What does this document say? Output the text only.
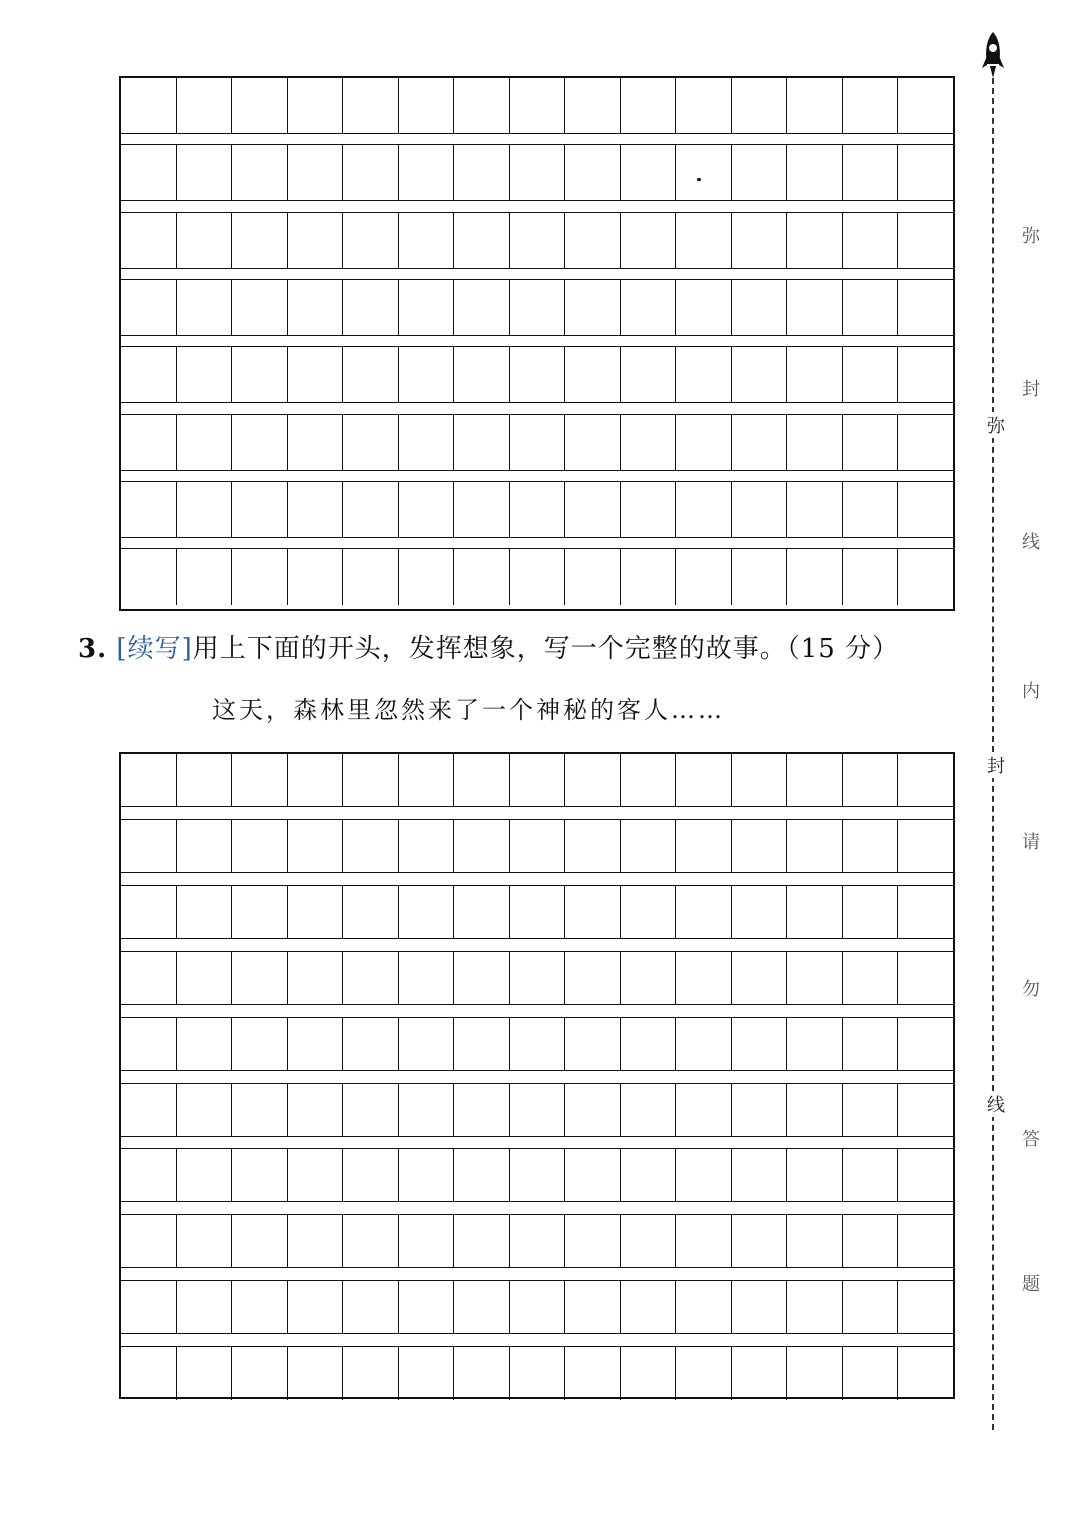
3. [续写]用上下面的开头，发挥想象，写一个完整的故事。（15 分）
这天，森林里忽然来了一个神秘的客人……
弥
封
线
弥
封
线
内
请
勿
答
题
